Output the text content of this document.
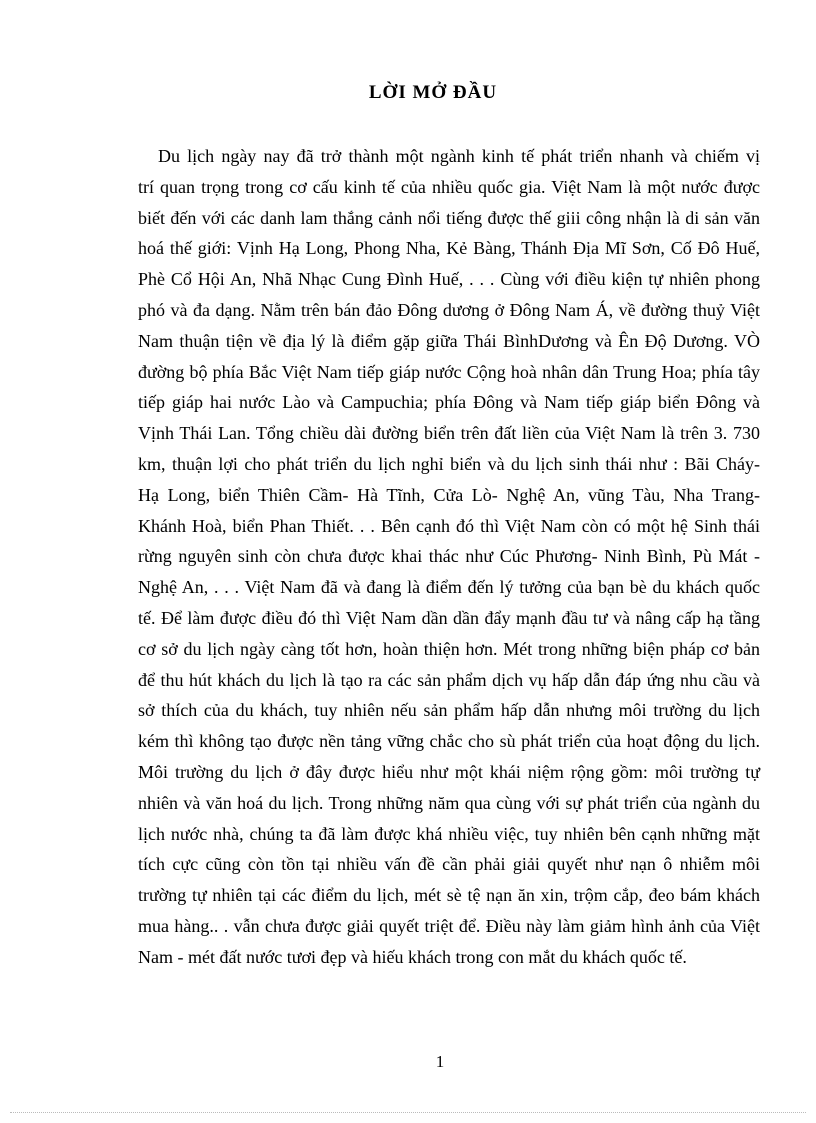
LỜI MỞ ĐẦU
Du lịch ngày nay đã trở thành một ngành kinh tế phát triển nhanh và chiếm vị
trí quan trọng trong cơ cấu kinh tế của nhiều quốc gia. Việt Nam là một nước được
biết đến với các danh lam thắng cảnh nổi tiếng được thế giii công nhận là di sản văn
hoá thế giới: Vịnh Hạ Long, Phong Nha, Kẻ Bàng, Thánh Địa Mĩ Sơn, Cố Đô Huế,
Phè Cổ Hội An, Nhã Nhạc Cung Đình Huế, . . . Cùng với điều kiện tự nhiên phong
phó và đa dạng. Nằm trên bán đảo Đông dương ở Đông Nam Á, về đường thuỷ Việt
Nam thuận tiện về địa lý là điểm gặp giữa Thái BìnhDương và Ên Độ Dương. VÒ
đường bộ phía Bắc Việt Nam tiếp giáp nước Cộng hoà nhân dân Trung Hoa; phía tây
tiếp giáp hai nước Lào và Campuchia; phía Đông và Nam tiếp giáp biển Đông và
Vịnh Thái Lan. Tổng chiều dài đường biển trên đất liền của Việt Nam là trên 3. 730
km, thuận lợi cho phát triển du lịch nghỉ biển và du lịch sinh thái như : Bãi Cháy-
Hạ Long, biển Thiên Cầm- Hà Tĩnh, Cửa Lò- Nghệ An, vũng Tàu, Nha Trang-
Khánh Hoà, biển Phan Thiết. . . Bên cạnh đó thì Việt Nam còn có một hệ Sinh thái
rừng nguyên sinh còn chưa được khai thác như Cúc Phương- Ninh Bình, Pù Mát -
Nghệ An, . . . Việt Nam đã và đang là điểm đến lý tưởng của bạn bè du khách quốc
tế. Để làm được điều đó thì Việt Nam dần dần đẩy mạnh đầu tư và nâng cấp hạ tầng
cơ sở du lịch ngày càng tốt hơn, hoàn thiện hơn. Mét trong những biện pháp cơ bản
để thu hút khách du lịch là tạo ra các sản phẩm dịch vụ hấp dẫn đáp ứng nhu cầu và
sở thích của du khách, tuy nhiên nếu sản phẩm hấp dẫn nhưng môi trường du lịch
kém thì không tạo được nền tảng vững chắc cho sù phát triển của hoạt động du lịch.
Môi trường du lịch ở đây được hiểu như một khái niệm rộng gồm: môi trường tự
nhiên và văn hoá du lịch. Trong những năm qua cùng với sự phát triển của ngành du
lịch nước nhà, chúng ta đã làm được khá nhiều việc, tuy nhiên bên cạnh những mặt
tích cực cũng còn tồn tại nhiều vấn đề cần phải giải quyết như nạn ô nhiễm môi
trường tự nhiên tại các điểm du lịch, mét sè tệ nạn ăn xin, trộm cắp, đeo bám khách
mua hàng.. . vẫn chưa được giải quyết triệt để. Điều này làm giảm hình ảnh của Việt
Nam - mét đất nước tươi đẹp và hiếu khách trong con mắt du khách quốc tế.

1
